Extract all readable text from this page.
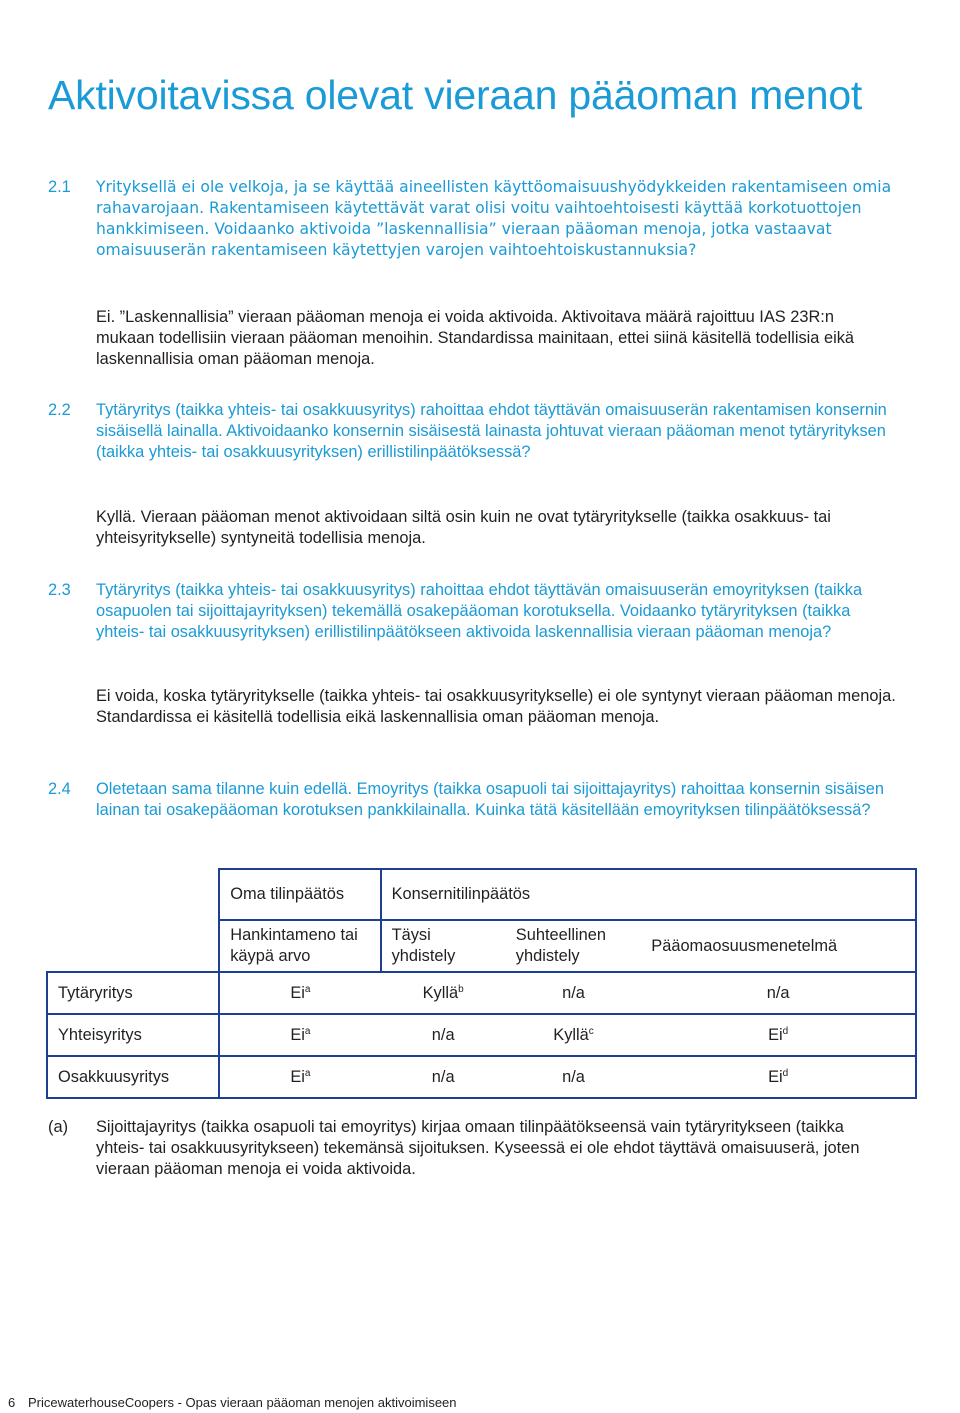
Aktivoitavissa olevat vieraan pääoman menot
2.1 Yrityksellä ei ole velkoja, ja se käyttää aineellisten käyttöomaisuushyödykkeiden rakentamiseen omia rahavarojaan. Rakentamiseen käytettävät varat olisi voitu vaihtoehtoisesti käyttää korkotuottojen hankkimiseen. Voidaanko aktivoida ”laskennallisia” vieraan pääoman menoja, jotka vastaavat omaisuuserän rakentamiseen käytettyjen varojen vaihtoehtoiskustannuksia?
Ei. ”Laskennallisia” vieraan pääoman menoja ei voida aktivoida. Aktivoitava määrä rajoittuu IAS 23R:n mukaan todellisiin vieraan pääoman menoihin. Standardissa mainitaan, ettei siinä käsitellä todellisia eikä laskennallisia oman pääoman menoja.
2.2 Tytäryritys (taikka yhteis- tai osakkuusyritys) rahoittaa ehdot täyttävän omaisuuserän rakentamisen konsernin sisäisellä lainalla. Aktivoidaanko konsernin sisäisestä lainasta johtuvat vieraan pääoman menot tytäryrityksen (taikka yhteis- tai osakkuusyrityksen) erillistilinpäätöksessä?
Kyllä. Vieraan pääoman menot aktivoidaan siltä osin kuin ne ovat tytäryritykselle (taikka osakkuus- tai yhteisyritykselle) syntyneitä todellisia menoja.
2.3 Tytäryritys (taikka yhteis- tai osakkuusyritys) rahoittaa ehdot täyttävän omaisuuserän emoyrityksen (taikka osapuolen tai sijoittajayrityksen) tekemällä osakepääoman korotuksella. Voidaanko tytäryrityksen (taikka yhteis- tai osakkuusyrityksen) erillistilinpäätökseen aktivoida laskennallisia vieraan pääoman menoja?
Ei voida, koska tytäryritykselle (taikka yhteis- tai osakkuusyritykselle) ei ole syntynyt vieraan pääoman menoja. Standardissa ei käsitellä todellisia eikä laskennallisia oman pääoman menoja.
2.4 Oletetaan sama tilanne kuin edellä. Emoyritys (taikka osapuoli tai sijoittajayritys) rahoittaa konsernin sisäisen lainan tai osakepääoman korotuksen pankkilainalla. Kuinka tätä käsitellään emoyrityksen tilinpäätöksessä?
	Oma tilinpäätös	Konsernitilinpäätös		
	Hankintameno tai käypä arvo	Täysi yhdistely	Suhteellinen yhdistely	Pääomaosuusmenetelmä
Tytäryritys	Ei$^a$	Kyllä$^b$	n/a	n/a
Yhteisyritys	Ei$^a$	n/a	Kyllä$^c$	Ei$^d$
Osakkuusyritys	Ei$^a$	n/a	n/a	Ei$^d$
(a) Sijoittajayritys (taikka osapuoli tai emoyritys) kirjaa omaan tilinpäätökseensä vain tytäryritykseen (taikka yhteis- tai osakkuusyritykseen) tekemänsä sijoituksen. Kyseessä ei ole ehdot täyttävä omaisuuserä, joten vieraan pääoman menoja ei voida aktivoida.
6 PricewaterhouseCoopers - Opas vieraan pääoman menojen aktivoimiseen
